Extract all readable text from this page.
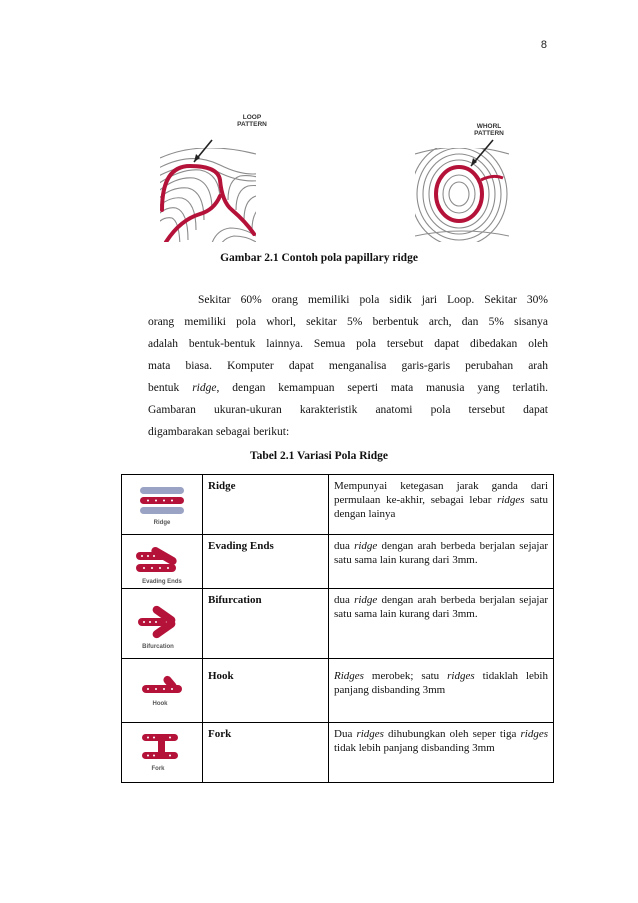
8
LOOP
PATTERN	WHORL
PATTERN
Gambar 2.1 Contoh pola papillary ridge
Sekitar 60% orang memiliki pola sidik jari Loop. Sekitar 30%
orang memiliki pola whorl, sekitar 5% berbentuk arch, dan 5% sisanya
adalah bentuk-bentuk lainnya. Semua pola tersebut dapat dibedakan oleh
mata biasa. Komputer dapat menganalisa garis-garis perubahan arah
bentuk ridge, dengan kemampuan seperti mata manusia yang terlatih.
Gambaran ukuran-ukuran karakteristik anatomi pola tersebut dapat
digambarakan sebagai berikut:
Tabel 2.1 Variasi Pola Ridge
Ridge	Ridge	Mempunyai ketegasan jarak ganda dari permulaan ke-akhir, sebagai lebar ridges satu dengan lainya

Evading Ends	Evading Ends	dua ridge dengan arah berbeda berjalan sejajar satu sama lain kurang dari 3mm.

Bifurcation	Bifurcation	dua ridge dengan arah berbeda berjalan sejajar satu sama lain kurang dari 3mm.

Hook	Hook	Ridges merobek; satu ridges tidaklah lebih panjang disbanding 3mm

Fork	Fork	Dua ridges dihubungkan oleh seper tiga ridges tidak lebih panjang disbanding 3mm
